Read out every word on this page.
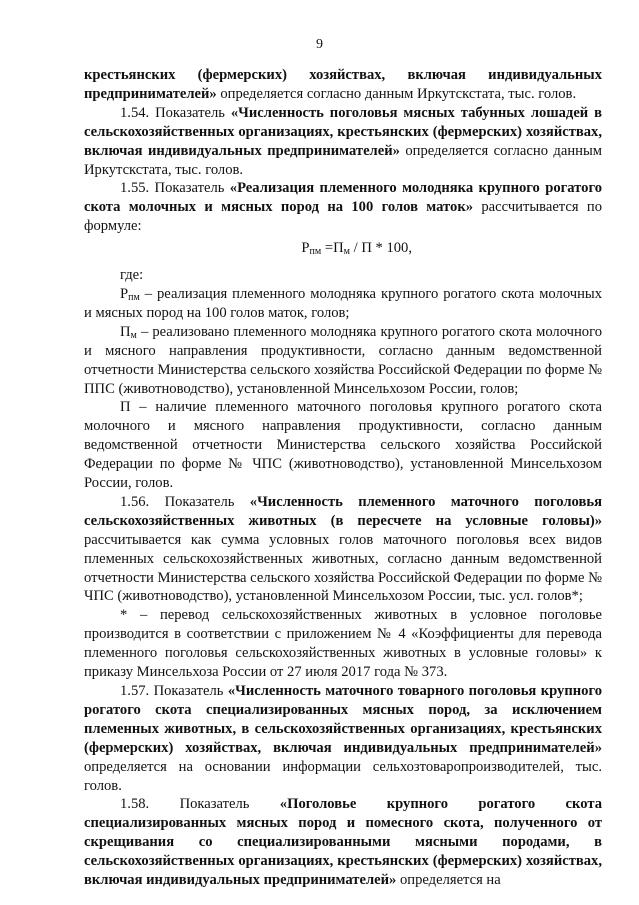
9

крестьянских (фермерских) хозяйствах, включая индивидуальных предпринимателей» определяется согласно данным Иркутскстата, тыс. голов.

1.54. Показатель «Численность поголовья мясных табунных лошадей в сельскохозяйственных организациях, крестьянских (фермерских) хозяйствах, включая индивидуальных предпринимателей» определяется согласно данным Иркутскстата, тыс. голов.

1.55. Показатель «Реализация племенного молодняка крупного рогатого скота молочных и мясных пород на 100 голов маток» рассчитывается по формуле:

$Р_{пм} =П_м / П * 100$,

где:

$Р_{пм}$ – реализация племенного молодняка крупного рогатого скота молочных и мясных пород на 100 голов маток, голов;

$П_м$ – реализовано племенного молодняка крупного рогатого скота молочного и мясного направления продуктивности, согласно данным ведомственной отчетности Министерства сельского хозяйства Российской Федерации по форме № ППС (животноводство), установленной Минсельхозом России, голов;

П – наличие племенного маточного поголовья крупного рогатого скота молочного и мясного направления продуктивности, согласно данным ведомственной отчетности Министерства сельского хозяйства Российской Федерации по форме № ЧПС (животноводство), установленной Минсельхозом России, голов.

1.56. Показатель «Численность племенного маточного поголовья сельскохозяйственных животных (в пересчете на условные головы)» рассчитывается как сумма условных голов маточного поголовья всех видов племенных сельскохозяйственных животных, согласно данным ведомственной отчетности Министерства сельского хозяйства Российской Федерации по форме № ЧПС (животноводство), установленной Минсельхозом России, тыс. усл. голов*;

* – перевод сельскохозяйственных животных в условное поголовье производится в соответствии с приложением № 4 «Коэффициенты для перевода племенного поголовья сельскохозяйственных животных в условные головы» к приказу Минсельхоза России от 27 июля 2017 года № 373.

1.57. Показатель «Численность маточного товарного поголовья крупного рогатого скота специализированных мясных пород, за исключением племенных животных, в сельскохозяйственных организациях, крестьянских (фермерских) хозяйствах, включая индивидуальных предпринимателей» определяется на основании информации сельхозтоваропроизводителей, тыс. голов.

1.58. Показатель «Поголовье крупного рогатого скота специализированных мясных пород и помесного скота, полученного от скрещивания со специализированными мясными породами, в сельскохозяйственных организациях, крестьянских (фермерских) хозяйствах, включая индивидуальных предпринимателей» определяется на
